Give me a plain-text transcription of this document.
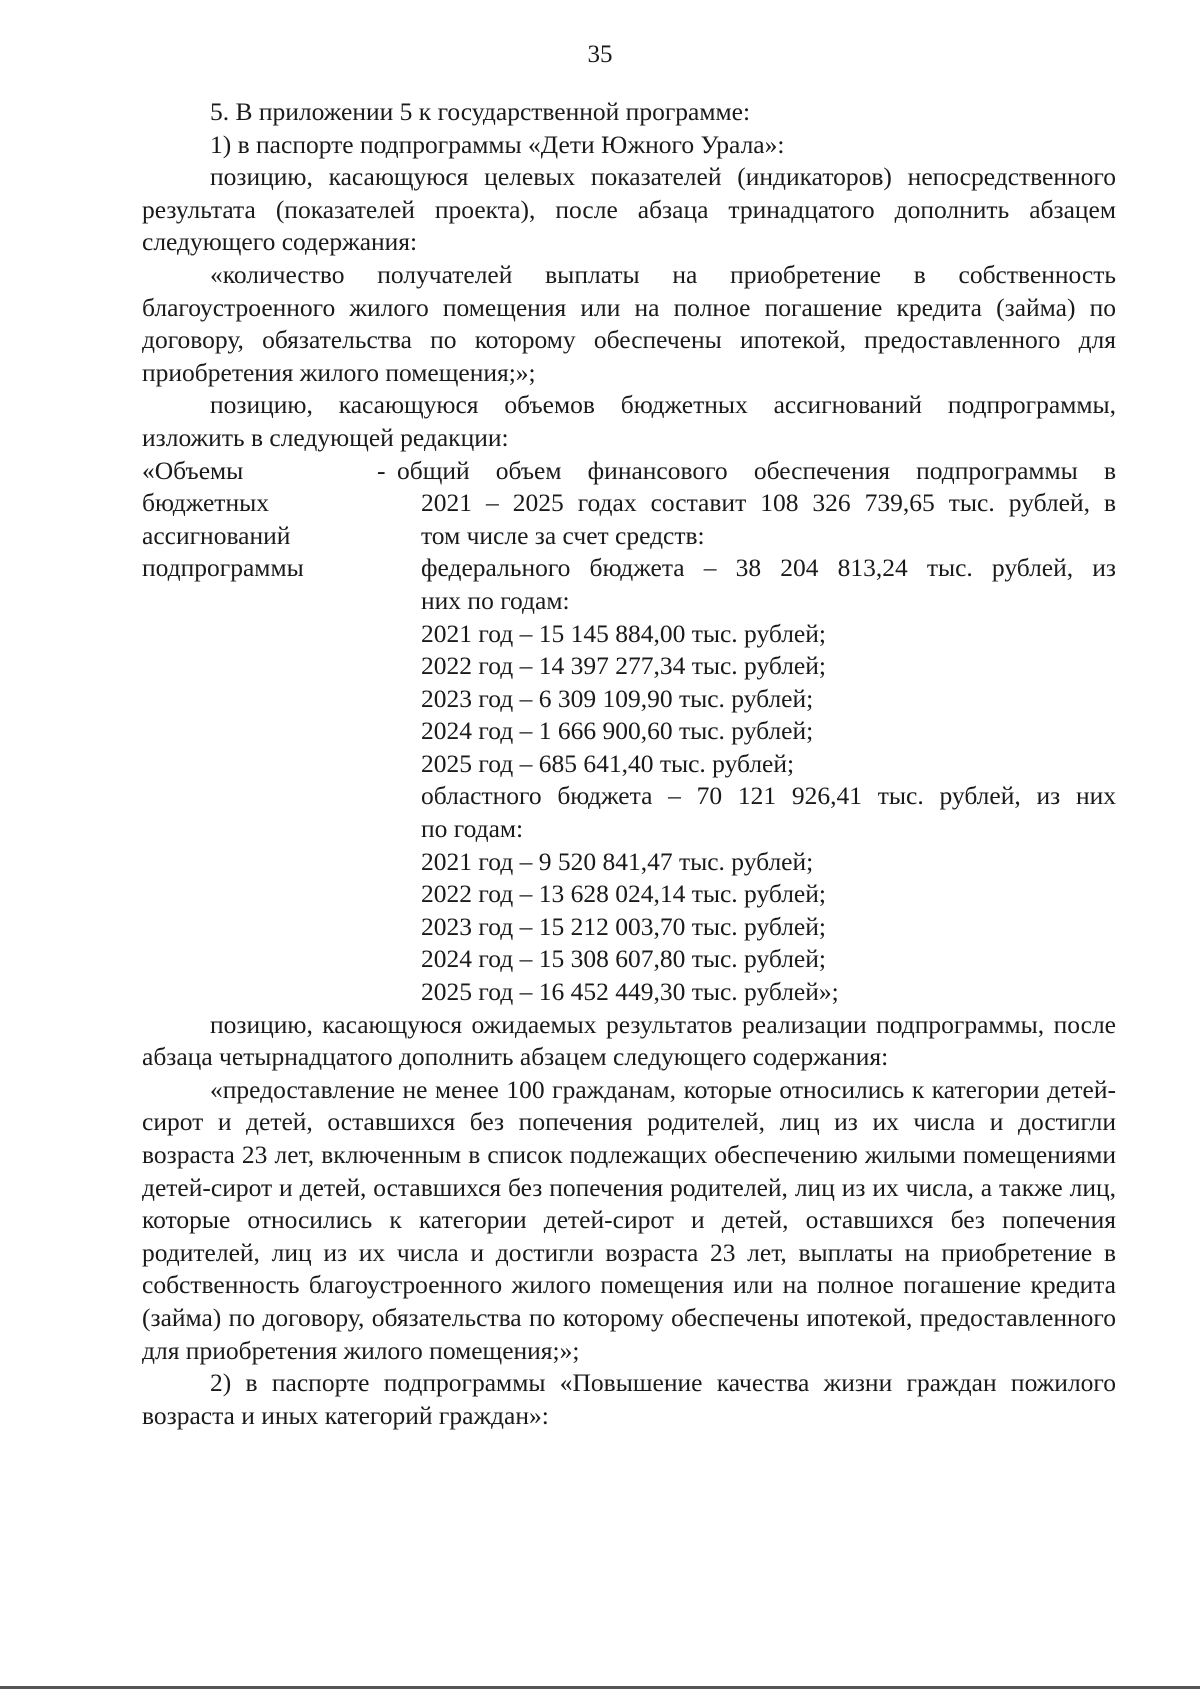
35

5. В приложении 5 к государственной программе:

1) в паспорте подпрограммы «Дети Южного Урала»:

позицию, касающуюся целевых показателей (индикаторов) непосредственного результата (показателей проекта), после абзаца тринадцатого дополнить абзацем следующего содержания:

«количество получателей выплаты на приобретение в собственность благоустроенного жилого помещения или на полное погашение кредита (займа) по договору, обязательства по которому обеспечены ипотекой, предоставленного для приобретения жилого помещения;»;

позицию, касающуюся объемов бюджетных ассигнований подпрограммы, изложить в следующей редакции:

«Объемы
бюджетных
ассигнований
подпрограммы
- общий объем финансового обеспечения подпрограммы в
2021 – 2025 годах составит 108 326 739,65 тыс. рублей, в
том числе за счет средств:
федерального бюджета – 38 204 813,24 тыс. рублей, из
них по годам:
2021 год – 15 145 884,00 тыс. рублей;
2022 год – 14 397 277,34 тыс. рублей;
2023 год – 6 309 109,90 тыс. рублей;
2024 год – 1 666 900,60 тыс. рублей;
2025 год – 685 641,40 тыс. рублей;
областного бюджета – 70 121 926,41 тыс. рублей, из них
по годам:
2021 год – 9 520 841,47 тыс. рублей;
2022 год – 13 628 024,14 тыс. рублей;
2023 год – 15 212 003,70 тыс. рублей;
2024 год – 15 308 607,80 тыс. рублей;
2025 год – 16 452 449,30 тыс. рублей»;

позицию, касающуюся ожидаемых результатов реализации подпрограммы, после абзаца четырнадцатого дополнить абзацем следующего содержания:

«предоставление не менее 100 гражданам, которые относились к категории детей-сирот и детей, оставшихся без попечения родителей, лиц из их числа и достигли возраста 23 лет, включенным в список подлежащих обеспечению жилыми помещениями детей-сирот и детей, оставшихся без попечения родителей, лиц из их числа, а также лиц, которые относились к категории детей-сирот и детей, оставшихся без попечения родителей, лиц из их числа и достигли возраста 23 лет, выплаты на приобретение в собственность благоустроенного жилого помещения или на полное погашение кредита (займа) по договору, обязательства по которому обеспечены ипотекой, предоставленного для приобретения жилого помещения;»;

2) в паспорте подпрограммы «Повышение качества жизни граждан пожилого возраста и иных категорий граждан»:
